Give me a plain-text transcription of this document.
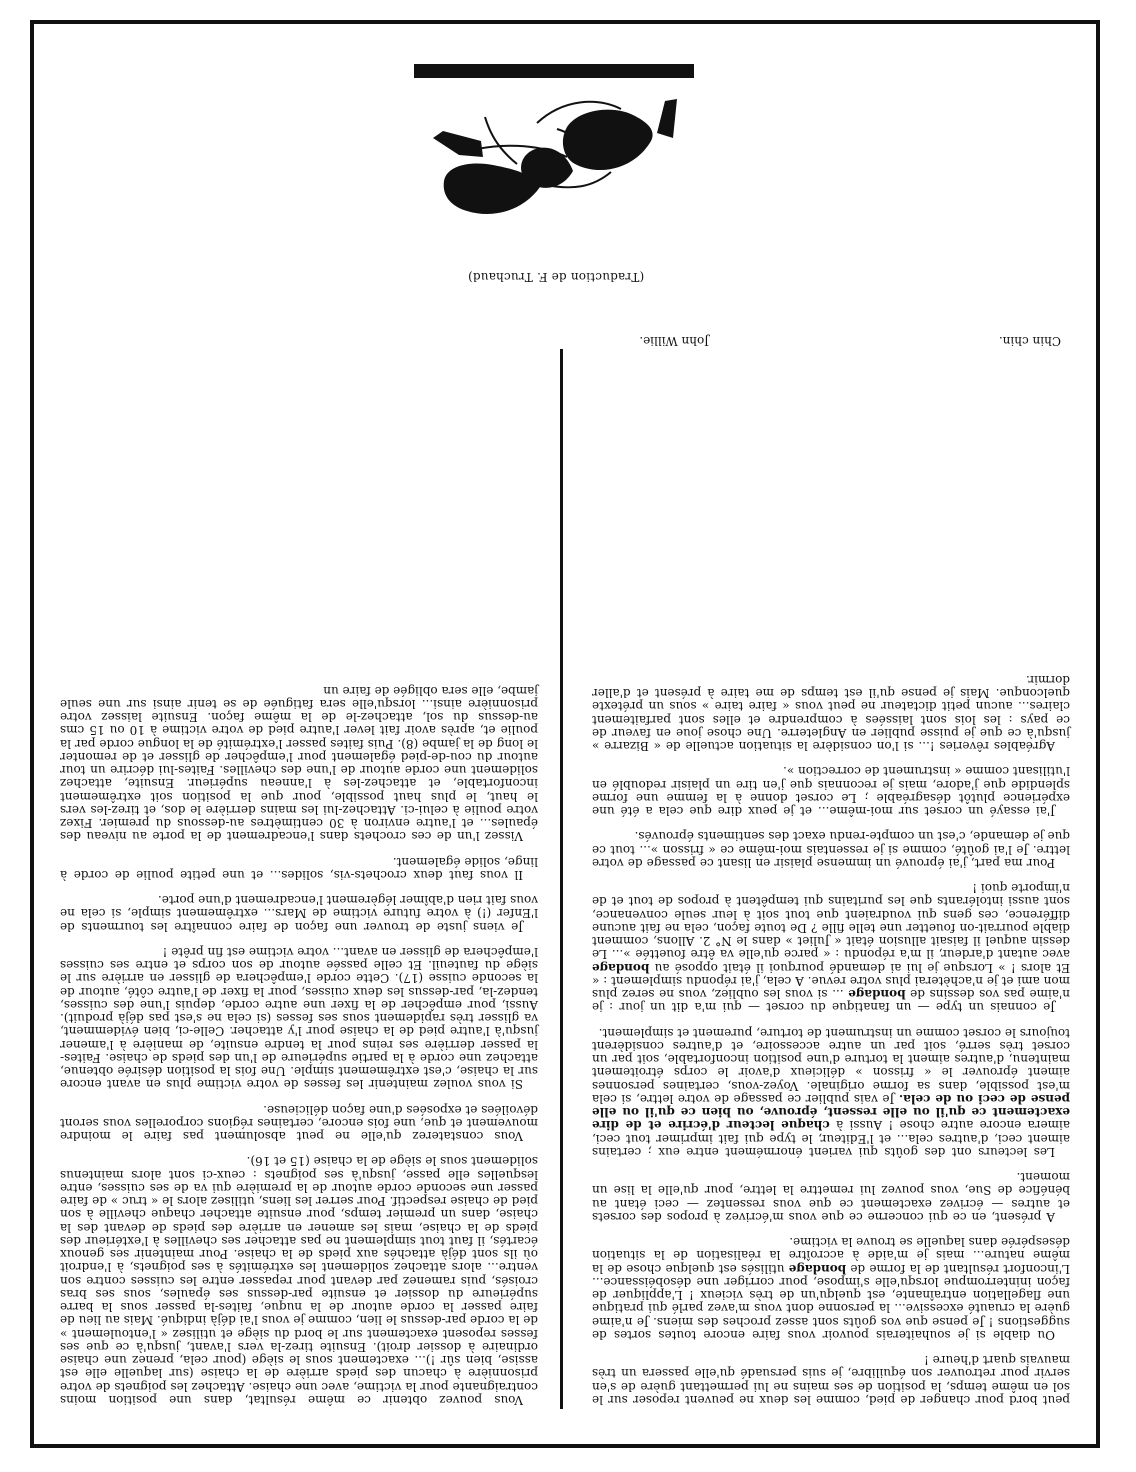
(Traduction de F. Truchaud)
Chin chin.
John Willie.

peut bord pour changer de pied, comme les deux ne peuvent reposer sur le sol en même temps, la position de ses mains ne lui permettant guère de s'en servir pour retrouver son équilibre, je suis persuadé qu'elle passera un très mauvais quart d'heure !

Ou diable si je souhaiterais pouvoir vous faire encore toutes sortes de suggestions ! Je pense que vos goûts sont assez proches des miens. Je n'aime guère la cruauté excessive... la personne dont vous m'avez parlé qui pratique une flagellation entraînante, est quelqu'un de très vicieux ! L'appliquer de façon ininterrompue lorsqu'elle s'impose, pour corriger une désobéissance... L'inconfort résultant de la forme de bondage utilisés est quelque chose de la même nature... mais je m'aide à accroître la réalisation de la situation désespérée dans laquelle se trouve la victime.

A présent, en ce qui concerne ce que vous m'écrivez à propos des corsets et autres — écrivez exactement ce que vous ressentez — ceci étant au bénéfice de Sue, vous pouvez lui remettre la lettre, pour qu'elle la lise un moment.

Les lecteurs ont des goûts qui varient énormément entre eux ; certains aiment ceci, d'autres cela... et l'Editeur, le type qui fait imprimer tout ceci, aimera encore autre chose ! Aussi à chaque lecteur d'écrire et de dire exactement ce qu'il ou elle ressent, éprouve, ou bien ce qu'il ou elle pense de ceci ou de cela. Je vais publier ce passage de votre lettre, si cela m'est possible, dans sa forme originale. Voyez-vous, certaines personnes aiment éprouver le « frisson » délicieux d'avoir le corps étroitement maintenu, d'autres aiment la torture d'une position inconfortable, soit par un corset très serré, soit par un autre accessoire, et d'autres considèrent toujours le corset comme un instrument de torture, purement et simplement.

Je connais un type — un fanatique du corset — qui m'a dit un jour : je n'aime pas vos dessins de bondage ... si vous les oubliez, vous ne serez plus mon ami et je n'achèterai plus votre revue. A cela, j'ai répondu simplement : « Et alors ! » Lorsque je lui ai demandé pourquoi il était opposé au bondage avec autant d'ardeur, il m'a répondu : « parce qu'elle va être fouettée »... Le dessin auquel il faisait allusion était « Juliet » dans le N° 2. Allons, comment diable pourrait-on fouetter une telle fille ? De toute façon, cela ne fait aucune différence, ces gens qui voudraient que tout soit à leur seule convenance, sont aussi intolérants que les puritains qui tempêtent à propos de tout et de n'importe quoi !

Pour ma part, j'ai éprouvé un immense plaisir en lisant ce passage de votre lettre. Je l'ai goûté, comme si je ressentais moi-même ce « frisson »... tout ce que je demande, c'est un compte-rendu exact des sentiments éprouvés.

J'ai essayé un corset sur moi-même... et je peux dire que cela a été une expérience plutôt désagréable ; Le corset donne à la femme une forme splendide que j'adore, mais je reconnais que j'en tire un plaisir redoublé en l'utilisant comme « instrument de correction ».

Agréables rêveries !... si l'on considère la situation actuelle de « Bizarre » jusqu'à ce que je puisse publier en Angleterre. Une chose joue en faveur de ce pays : les lois sont laissées à comprendre et elles sont parfaitement claires... aucun petit dictateur ne peut vous « faire taire » sous un prétexte quelconque. Mais je pense qu'il est temps de me taire à présent et d'aller dormir.

Vous pouvez obtenir ce même résultat, dans une position moins contraignante pour la victime, avec une chaise. Attachez les poignets de votre prisonnière à chacun des pieds arrière de la chaise (sur laquelle elle est assise, bien sûr !)... exactement sous le siège (pour cela, prenez une chaise ordinaire à dossier droit). Ensuite tirez-la vers l'avant, jusqu'à ce que ses fesses reposent exactement sur le bord du siège et utilisez « l'entoulement » de la corde par-dessus le lien, comme je vous l'ai déjà indiqué. Mais au lieu de faire passer la corde autour de la nuque, faites-la passer sous la barre supérieure du dossier et ensuite par-dessus ses épaules, sous ses bras croisés, puis ramenez par devant pour repasser entre les cuisses contre son ventre... alors attachez solidement les extrémités à ses poignets, à l'endroit où ils sont déjà attachés aux pieds de la chaise. Pour maintenir ses genoux écartés, il faut tout simplement ne pas attacher ses chevilles à l'extérieur des pieds de la chaise, mais les amener en arrière des pieds de devant des la chaise, dans un premier temps, pour ensuite attacher chaque cheville à son pied de chaise respectif. Pour serrer les liens, utilisez alors le « truc » de faire passer une seconde corde autour de la première qui va de ses cuisses, entre lesquelles elle passe, jusqu'à ses poignets : ceux-ci sont alors maintenus solidement sous le siège de la chaise (15 et 16).

Vous constaterez qu'elle ne peut absolument pas faire le moindre mouvement et que, une fois encore, certaines régions corporelles vous seront dévoilées et exposées d'une façon délicieuse.

Si vous voulez maintenir les fesses de votre victime plus en avant encore sur la chaise, c'est extrêmement simple. Une fois la position désirée obtenue, attachez une corde à la partie supérieure de l'un des pieds de chaise. Faites-la passer derrière ses reins pour la tendre ensuite, de manière à l'amener jusqu'à l'autre pied de la chaise pour l'y attacher. Celle-ci, bien évidemment, va glisser très rapidement sous ses fesses (si cela ne s'est pas déjà produit). Aussi, pour empêcher de la fixer une autre corde, depuis l'une des cuisses, tendez-la, par-dessus les deux cuisses, pour la fixer de l'autre côté, autour de la seconde cuisse (17). Cette corde l'empêchera de glisser en arrière sur le siège du fauteuil. Et celle passée autour de son corps et entre ses cuisses l'empêchera de glisser en avant... votre victime est fin prête !

Je viens juste de trouver une façon de faire connaître les tourments de l'Enfer (!) à votre future victime de Mars... extrêmement simple, si cela ne vous fait rien d'abîmer légèrement l'encadrement d'une porte.

Il vous faut deux crochets-vis, solides... et une petite poulie de corde à linge, solide également.

Vissez l'un de ces crochets dans l'encadrement de la porte au niveau des épaules... et l'autre environ à 30 centimètres au-dessous du premier. Fixez votre poulie à celui-ci. Attachez-lui les mains derrière le dos, et tirez-les vers le haut, le plus haut possible, pour que la position soit extrêmement inconfortable, et attachez-les à l'anneau supérieur. Ensuite, attachez solidement une corde autour de l'une des chevilles. Faites-lui décrire un tour autour du cou-de-pied également pour l'empêcher de glisser et de remonter le long de la jambe (8). Puis faites passer l'extrémité de la longue corde par la poulie et, après avoir fait lever l'autre pied de votre victime à 10 ou 15 cms au-dessus du sol, attachez-le de la même façon. Ensuite laissez votre prisonnière ainsi... lorsqu'elle sera fatiguée de se tenir ainsi sur une seule jambe, elle sera obligée de faire un
